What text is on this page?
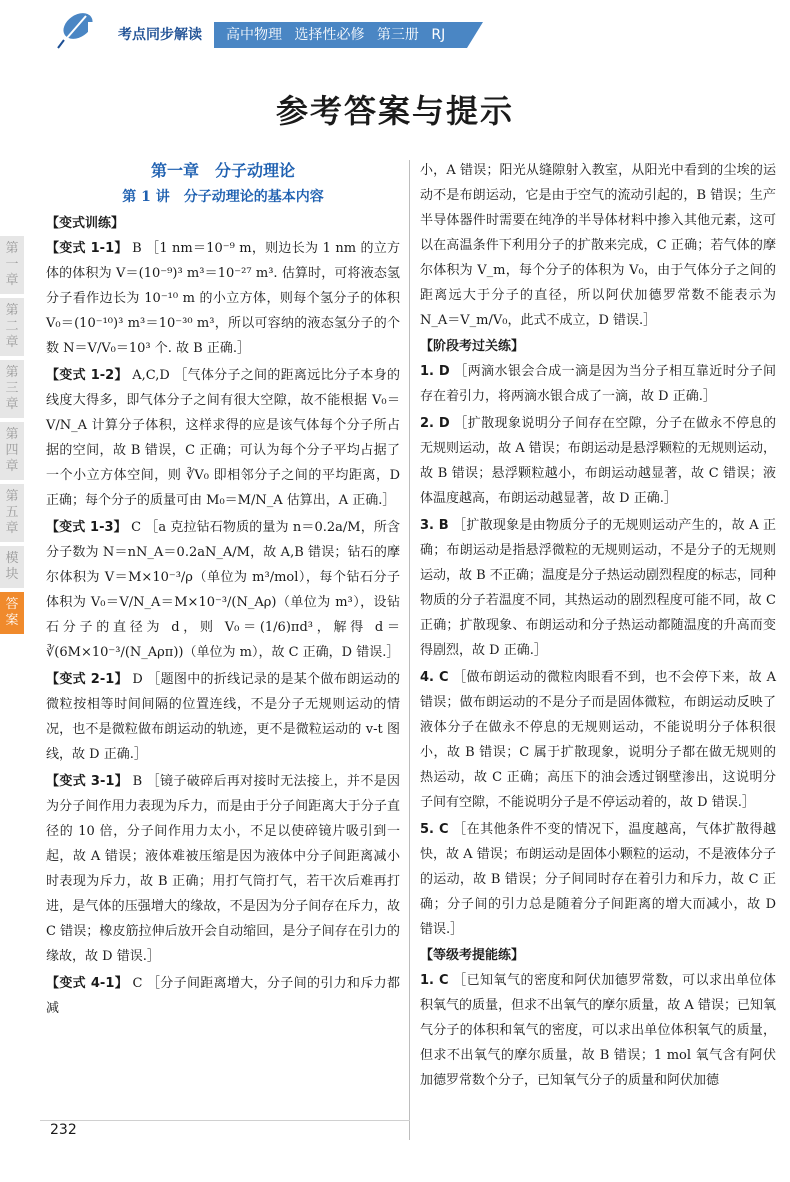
考点同步解读	高中物理 选择性必修 第三册 RJ
参考答案与提示
第一章
第二章
第三章
第四章
第五章
模块
答案
第一章　分子动理论
第 1 讲　分子动理论的基本内容
【变式训练】

【变式 1-1】 B ［1 nm＝10⁻⁹ m，则边长为 1 nm 的立方体的体积为 V＝(10⁻⁹)³ m³＝10⁻²⁷ m³. 估算时，可将液态氢分子看作边长为 10⁻¹⁰ m 的小立方体，则每个氢分子的体积 V₀＝(10⁻¹⁰)³ m³＝10⁻³⁰ m³，所以可容纳的液态氢分子的个数 N＝V/V₀＝10³ 个. 故 B 正确.］

【变式 1-2】 A,C,D ［气体分子之间的距离远比分子本身的线度大得多，即气体分子之间有很大空隙，故不能根据 V₀＝V/N_A 计算分子体积，这样求得的应是该气体每个分子所占据的空间，故 B 错误，C 正确；可认为每个分子平均占据了一个小立方体空间，则 ∛V₀ 即相邻分子之间的平均距离，D 正确；每个分子的质量可由 M₀＝M/N_A 估算出，A 正确.］

【变式 1-3】 C ［a 克拉钻石物质的量为 n＝0.2a/M，所含分子数为 N＝nN_A＝0.2aN_A/M，故 A,B 错误；钻石的摩尔体积为 V＝M×10⁻³/ρ（单位为 m³/mol），每个钻石分子体积为 V₀＝V/N_A＝M×10⁻³/(N_Aρ)（单位为 m³），设钻石分子的直径为 d，则 V₀＝(1/6)πd³，解得 d＝∛(6M×10⁻³/(N_Aρπ))（单位为 m），故 C 正确，D 错误.］

【变式 2-1】 D ［题图中的折线记录的是某个做布朗运动的微粒按相等时间间隔的位置连线，不是分子无规则运动的情况，也不是微粒做布朗运动的轨迹，更不是微粒运动的 v-t 图线，故 D 正确.］

【变式 3-1】 B ［镜子破碎后再对接时无法接上，并不是因为分子间作用力表现为斥力，而是由于分子间距离大于分子直径的 10 倍，分子间作用力太小，不足以使碎镜片吸引到一起，故 A 错误；液体难被压缩是因为液体中分子间距离减小时表现为斥力，故 B 正确；用打气筒打气，若干次后难再打进，是气体的压强增大的缘故，不是因为分子间存在斥力，故 C 错误；橡皮筋拉伸后放开会自动缩回，是分子间存在引力的缘故，故 D 错误.］

【变式 4-1】 C ［分子间距离增大，分子间的引力和斥力都减

小，A 错误；阳光从缝隙射入教室，从阳光中看到的尘埃的运动不是布朗运动，它是由于空气的流动引起的，B 错误；生产半导体器件时需要在纯净的半导体材料中掺入其他元素，这可以在高温条件下利用分子的扩散来完成，C 正确；若气体的摩尔体积为 V_m，每个分子的体积为 V₀，由于气体分子之间的距离远大于分子的直径，所以阿伏加德罗常数不能表示为 N_A＝V_m/V₀，此式不成立，D 错误.］

【阶段考过关练】

1. D ［两滴水银会合成一滴是因为当分子相互靠近时分子间存在着引力，将两滴水银合成了一滴，故 D 正确.］

2. D ［扩散现象说明分子间存在空隙，分子在做永不停息的无规则运动，故 A 错误；布朗运动是悬浮颗粒的无规则运动，故 B 错误；悬浮颗粒越小，布朗运动越显著，故 C 错误；液体温度越高，布朗运动越显著，故 D 正确.］

3. B ［扩散现象是由物质分子的无规则运动产生的，故 A 正确；布朗运动是指悬浮微粒的无规则运动，不是分子的无规则运动，故 B 不正确；温度是分子热运动剧烈程度的标志，同种物质的分子若温度不同，其热运动的剧烈程度可能不同，故 C 正确；扩散现象、布朗运动和分子热运动都随温度的升高而变得剧烈，故 D 正确.］

4. C ［做布朗运动的微粒肉眼看不到，也不会停下来，故 A 错误；做布朗运动的不是分子而是固体微粒，布朗运动反映了液体分子在做永不停息的无规则运动，不能说明分子体积很小，故 B 错误；C 属于扩散现象，说明分子都在做无规则的热运动，故 C 正确；高压下的油会透过钢壁渗出，这说明分子间有空隙，不能说明分子是不停运动着的，故 D 错误.］

5. C ［在其他条件不变的情况下，温度越高，气体扩散得越快，故 A 错误；布朗运动是固体小颗粒的运动，不是液体分子的运动，故 B 错误；分子间同时存在着引力和斥力，故 C 正确；分子间的引力总是随着分子间距离的增大而减小，故 D 错误.］

【等级考提能练】

1. C ［已知氧气的密度和阿伏加德罗常数，可以求出单位体积氧气的质量，但求不出氧气的摩尔质量，故 A 错误；已知氧气分子的体积和氧气的密度，可以求出单位体积氧气的质量，但求不出氧气的摩尔质量，故 B 错误；1 mol 氧气含有阿伏加德罗常数个分子，已知氧气分子的质量和阿伏加德

232
